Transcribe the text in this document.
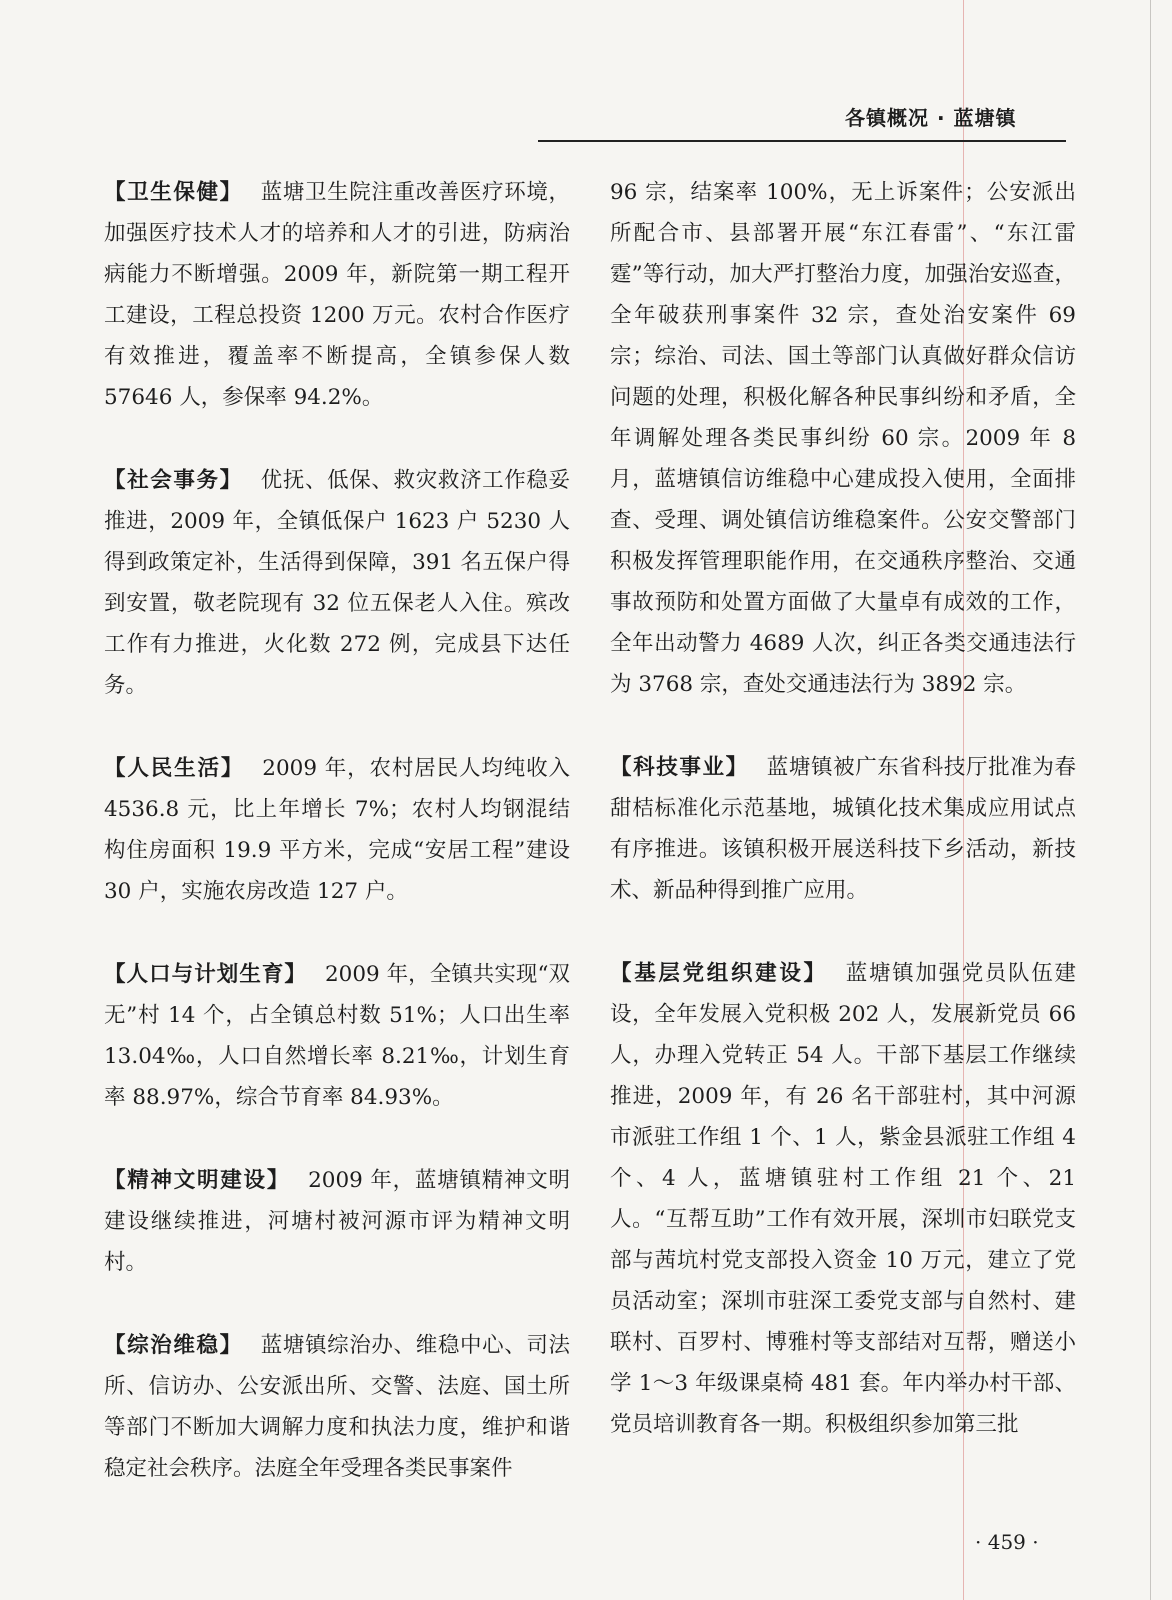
各镇概况 · 蓝塘镇

【卫生保健】 蓝塘卫生院注重改善医疗环境，加强医疗技术人才的培养和人才的引进，防病治病能力不断增强。2009 年，新院第一期工程开工建设，工程总投资 1200 万元。农村合作医疗有效推进，覆盖率不断提高，全镇参保人数 57646 人，参保率 94.2%。

【社会事务】 优抚、低保、救灾救济工作稳妥推进，2009 年，全镇低保户 1623 户 5230 人得到政策定补，生活得到保障，391 名五保户得到安置，敬老院现有 32 位五保老人入住。殡改工作有力推进，火化数 272 例，完成县下达任务。

【人民生活】 2009 年，农村居民人均纯收入 4536.8 元，比上年增长 7%；农村人均钢混结构住房面积 19.9 平方米，完成“安居工程”建设 30 户，实施农房改造 127 户。

【人口与计划生育】 2009 年，全镇共实现“双无”村 14 个，占全镇总村数 51%；人口出生率 13.04‰，人口自然增长率 8.21‰，计划生育率 88.97%，综合节育率 84.93%。

【精神文明建设】 2009 年，蓝塘镇精神文明建设继续推进，河塘村被河源市评为精神文明村。

【综治维稳】 蓝塘镇综治办、维稳中心、司法所、信访办、公安派出所、交警、法庭、国土所等部门不断加大调解力度和执法力度，维护和谐稳定社会秩序。法庭全年受理各类民事案件

96 宗，结案率 100%，无上诉案件；公安派出所配合市、县部署开展“东江春雷”、“东江雷霆”等行动，加大严打整治力度，加强治安巡查，全年破获刑事案件 32 宗，查处治安案件 69 宗；综治、司法、国土等部门认真做好群众信访问题的处理，积极化解各种民事纠纷和矛盾，全年调解处理各类民事纠纷 60 宗。2009 年 8 月，蓝塘镇信访维稳中心建成投入使用，全面排查、受理、调处镇信访维稳案件。公安交警部门积极发挥管理职能作用，在交通秩序整治、交通事故预防和处置方面做了大量卓有成效的工作，全年出动警力 4689 人次，纠正各类交通违法行为 3768 宗，查处交通违法行为 3892 宗。

【科技事业】 蓝塘镇被广东省科技厅批准为春甜桔标准化示范基地，城镇化技术集成应用试点有序推进。该镇积极开展送科技下乡活动，新技术、新品种得到推广应用。

【基层党组织建设】 蓝塘镇加强党员队伍建设，全年发展入党积极 202 人，发展新党员 66 人，办理入党转正 54 人。干部下基层工作继续推进，2009 年，有 26 名干部驻村，其中河源市派驻工作组 1 个、1 人，紫金县派驻工作组 4 个、4 人，蓝塘镇驻村工作组 21 个、21 人。“互帮互助”工作有效开展，深圳市妇联党支部与茜坑村党支部投入资金 10 万元，建立了党员活动室；深圳市驻深工委党支部与自然村、建联村、百罗村、博雅村等支部结对互帮，赠送小学 1～3 年级课桌椅 481 套。年内举办村干部、党员培训教育各一期。积极组织参加第三批

· 459 ·
